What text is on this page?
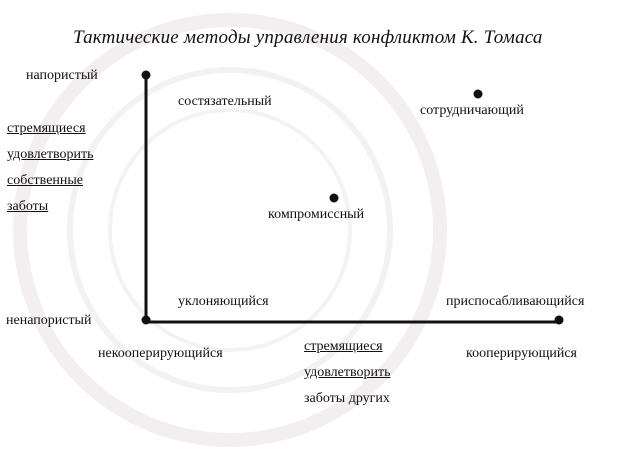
Тактические методы управления конфликтом К. Томаса
напористый
ненапористый
стремящиеся
удовлетворить
собственные
заботы
состязательный
сотрудничающий
компромиссный
уклоняющийся	приспосабливающийся
некооперирующийся	кооперирующийся
стремящиеся
удовлетворить
заботы других
